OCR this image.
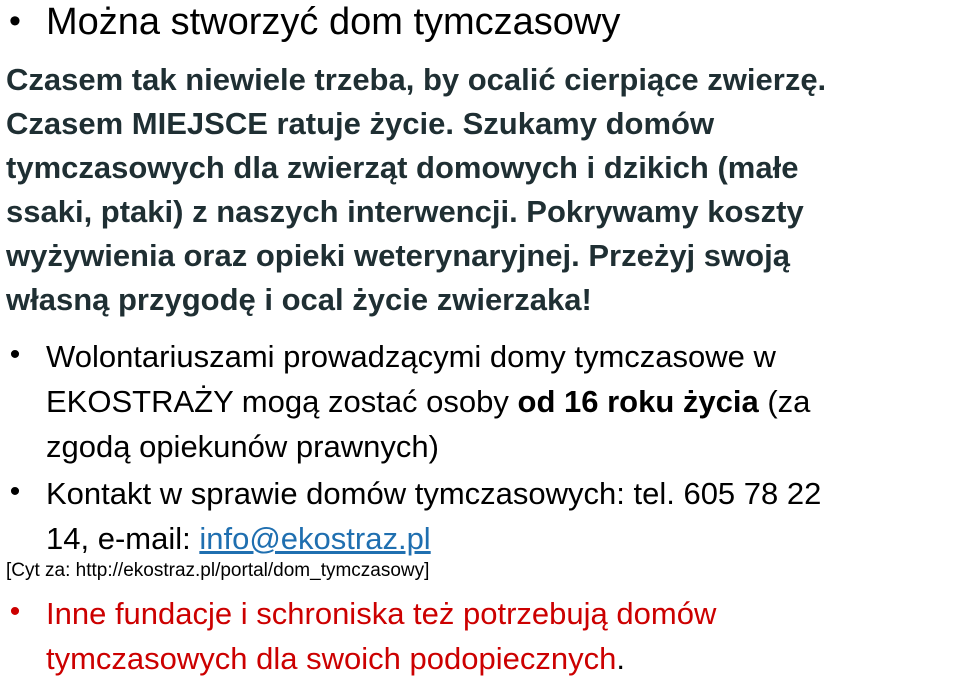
• Można stworzyć dom tymczasowy
Czasem tak niewiele trzeba, by ocalić cierpiące zwierzę.
Czasem MIEJSCE ratuje życie. Szukamy domów
tymczasowych dla zwierząt domowych i dzikich (małe
ssaki, ptaki) z naszych interwencji. Pokrywamy koszty
wyżywienia oraz opieki weterynaryjnej. Przeżyj swoją
własną przygodę i ocal życie zwierzaka!
• Wolontariuszami prowadzącymi domy tymczasowe w
EKOSTRAŻY mogą zostać osoby od 16 roku życia (za
zgodą opiekunów prawnych)
• Kontakt w sprawie domów tymczasowych: tel. 605 78 22
14, e-mail: info@ekostraz.pl
[Cyt za: http://ekostraz.pl/portal/dom_tymczasowy]
• Inne fundacje i schroniska też potrzebują domów
tymczasowych dla swoich podopiecznych.
